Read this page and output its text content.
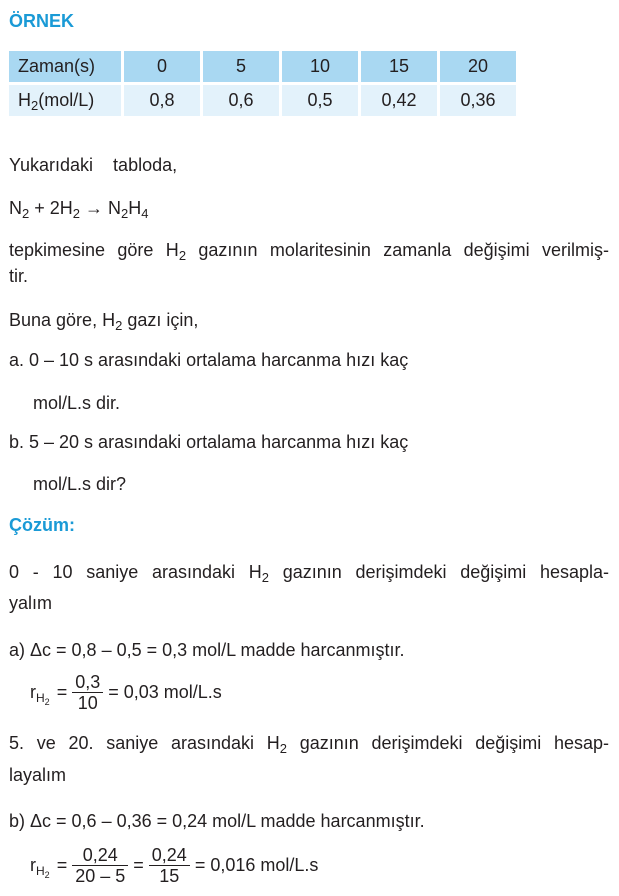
ÖRNEK
Zaman(s)	0	5	10	15	20
$H_2(mol/L)$	0,8	0,6	0,5	0,42	0,36
Yukarıdaki    tabloda,
$N_2 + 2H_2 \to N_2H_4$
tepkimesine göre $H_2$ gazının molaritesinin zamanla değişimi verilmiş-
tir.
Buna göre, $H_2$ gazı için,
a. 0 – 10 s arasındaki ortalama harcanma hızı kaç
mol/L.s dir.
b. 5 – 20 s arasındaki ortalama harcanma hızı kaç
mol/L.s dir?
Çözüm:
0 - 10 saniye arasındaki $H_2$ gazının derişimdeki değişimi hesapla-
yalım
a) Δc = 0,8 – 0,5 = 0,3 mol/L madde harcanmıştır.
$r_{H_2} = \frac{0,3}{10} = 0,03$ mol/L.s
5. ve 20. saniye arasındaki $H_2$ gazının derişimdeki değişimi hesap-
layalım
b) Δc = 0,6 – 0,36 = 0,24 mol/L madde harcanmıştır.
$r_{H_2} = \frac{0,24}{20 - 5} = \frac{0,24}{15} = 0,016$ mol/L.s
